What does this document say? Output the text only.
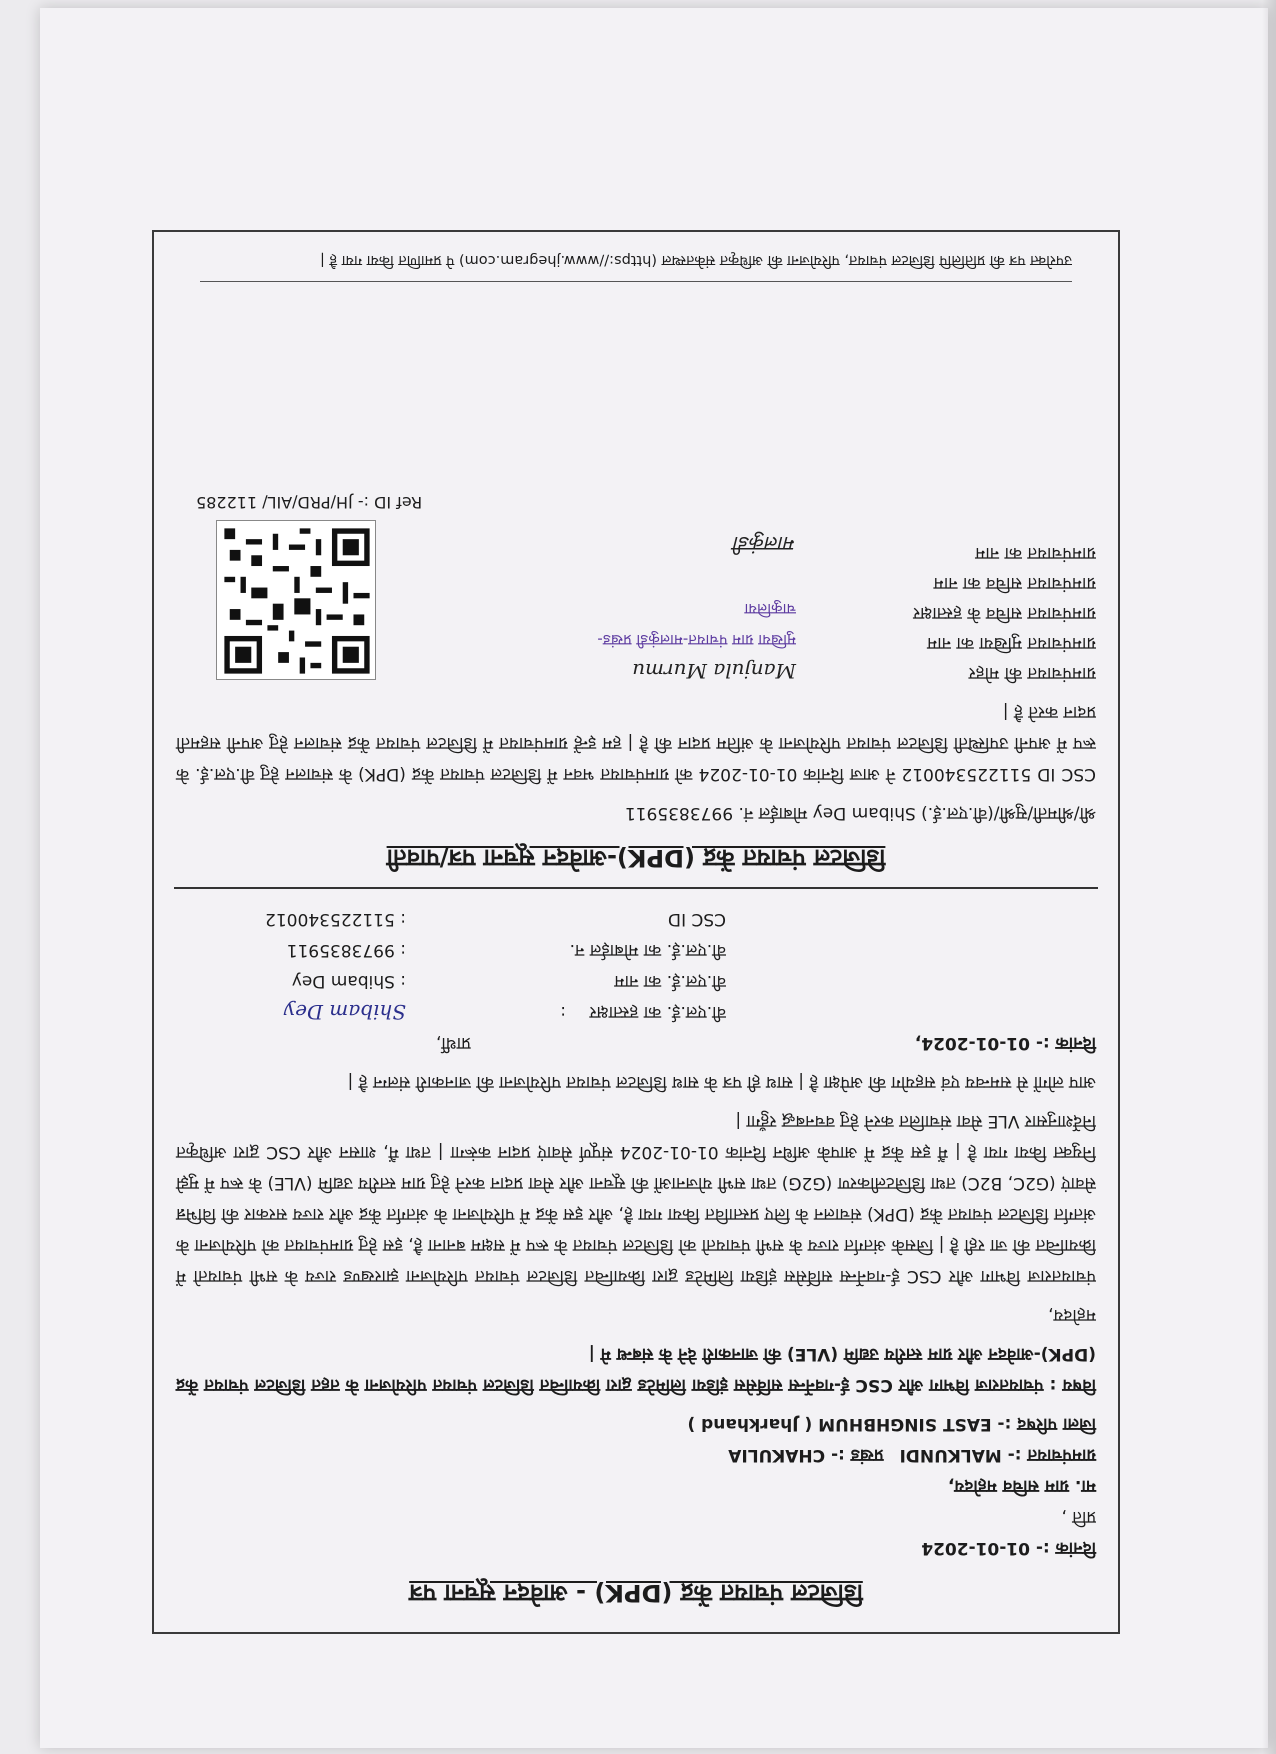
डिजिटल पंचायत केंद्र (DPK) - आवेदन सूचना पत्र
दिनांक :- 01-01-2024
प्रति ,
मा. ग्राम सचिव महोदय,
ग्रामपंचायत :- MALKUNDI
प्रखंड :- CHAKULIA
जिला परिषद :- EAST SINGHBHUM ( Jharkhand )
विषय : पंचायतराज विभाग और CSC ई-गवर्नेन्स सर्विसेस इंडिया लिमिटेड द्वारा क्रियान्वित डिजिटल पंचायत परियोजना के तहत डिजिटल पंचायत केंद्र (DPK)-आवेदन और ग्राम स्तरीय उद्यमि (VLE) की जानकारी देने के संबन्ध मे |
महोदय,
पंचायतराज विभाग और CSC ई-गवर्नेन्स सर्विसेस इंडिया लिमिटेड द्वारा क्रियान्वित डिजिटल पंचायत परियोजना झारखण्ड राज्य के सभी पंचायतो में क्रियान्वित की जा रही है | जिसके अंतर्गत राज्य के सभी पंचायतो को डिजिटल पंचायत के रूप में सक्षम बनाना है, इस हेतु ग्रामपंचायत को परियोजना के अंतर्गत डिजिटल पंचायत केंद्र (DPK) संचालन के लिए प्रस्तावित किया गया है, और इस केंद्र में परियोजना के अंतर्गत केंद्र और राज्य सरकार की विभिन्न सेवाएं (G2C, B2C) तथा डिजिटलीकरण (G2G) तथा सभी योजनाओं की सूचना और सेवा प्रदान करने हेतु ग्राम स्तरीय उद्यमि (VLE) के रूप में मुझे नियुक्त किया गया है | मैं इस केंद्र में आपके अधिन दिनांक 01-01-2024 संपूर्ण सेवाएं प्रदान करूंगा | तथा मैं, शासन और CSC द्वारा अधिकृत निर्देशानुसार VLE सेवा संचालित करने हेतु वचनबद्ध रहुँगा |
आप लोगों से समन्वय एवं सहयोग की अपेक्षा है | साथ ही पत्र के साथ डिजिटल पंचायत परियोजना की जानकारी संलग्न है |
दिनांक :- 01-01-2024,
प्रार्थी,
वी.एल.ई. का हस्ताक्षर
:
Shibam Dey
वी.एल.ई. का नाम
: Shibam Dey
वी.एल.ई. का मोबाईल न.
: 9973835911
CSC ID
: 511225340012
डिजिटल पंचायत केंद्र (DPK)-आवेदन सूचना पत्र/पावती
श्री/श्रीमती/सुश्री/(वी.एल.ई.) Shibam Dey मोबाईल नं. 9973835911
CSC ID 511225340012 ने आज दिनांक 01-01-2024 को ग्रामपंचायत भवन में डिजिटल पंचायत केंद्र (DPK) के संचालन हेतु वी.एल.ई. के रूप में अपनी उपस्थिती डिजिटल पंचायत परियोजना के अंतिम प्रदान की है | हम इन्हें ग्रामपंचायत में डिजिटल पंचायत केंद्र संचालन हेतु अपनी सहमती प्रदान करते है |
ग्रामपंचायत की मोहर
ग्रामपंचायत मुखिया का नाम
ग्रामपंचायत सचिव के हस्ताक्षर
ग्रामपंचायत सचिव का नाम
ग्रामपंचायत का नाम
Manjula Murmu
मुखिया ग्राम पंचायत-मालकुंडी प्रखंड-चाकुलिया
मालकुंडी
Ref ID :- JH/PRD/AIL/ 112285
उपरोक्त पत्र की प्रतिलिपि डिजिटल पंचायत, परियोजना की अधिकृत संकेतस्थल (https://www.jhegram.com) पे प्रमाणित किया गया है |
